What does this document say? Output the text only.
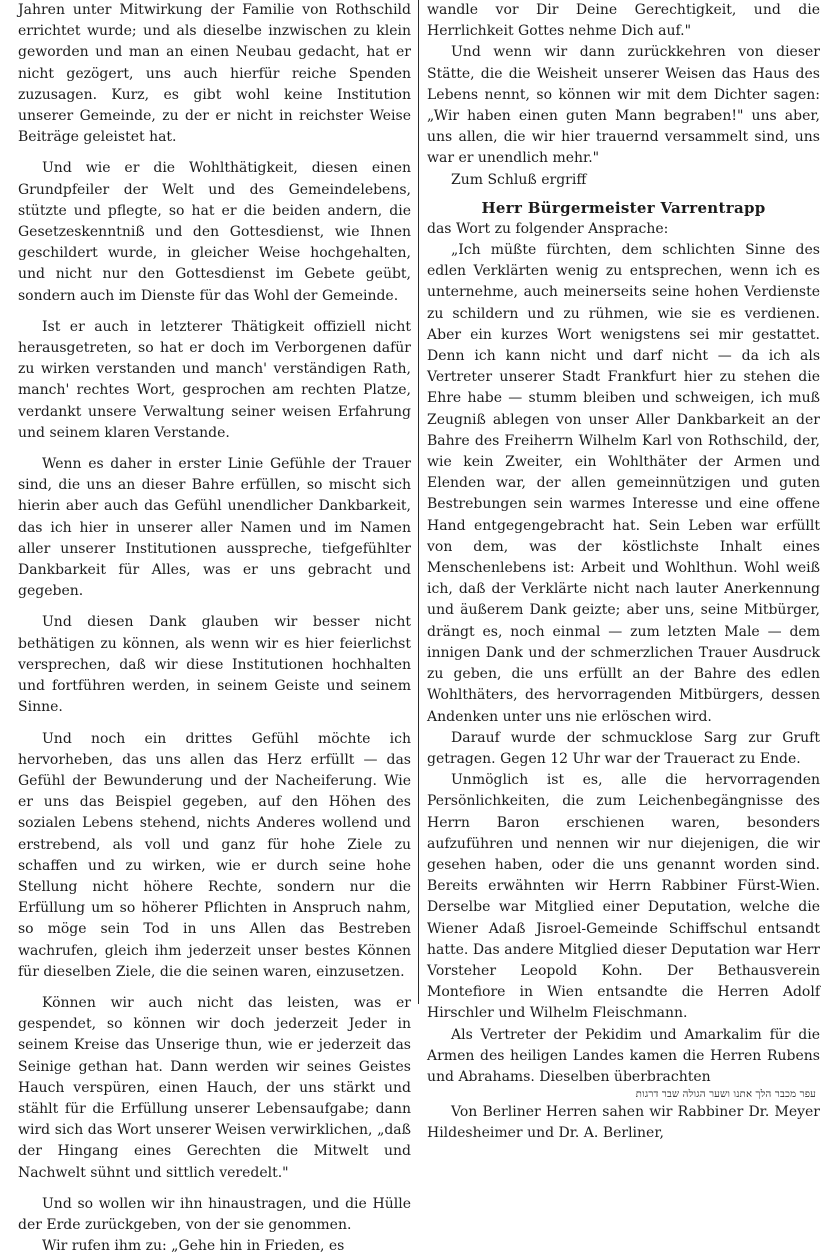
Jahren unter Mitwirkung der Familie von Rothschild errichtet wurde; und als dieselbe inzwischen zu klein geworden und man an einen Neubau gedacht, hat er nicht gezögert, uns auch hierfür reiche Spenden zuzusagen. Kurz, es gibt wohl keine Institution unserer Gemeinde, zu der er nicht in reichster Weise Beiträge geleistet hat.

Und wie er die Wohlthätigkeit, diesen einen Grundpfeiler der Welt und des Gemeindelebens, stützte und pflegte, so hat er die beiden andern, die Gesetzeskenntniß und den Gottesdienst, wie Ihnen geschildert wurde, in gleicher Weise hochgehalten, und nicht nur den Gottesdienst im Gebete geübt, sondern auch im Dienste für das Wohl der Gemeinde.

Ist er auch in letzterer Thätigkeit offiziell nicht herausgetreten, so hat er doch im Verborgenen dafür zu wirken verstanden und manch' verständigen Rath, manch' rechtes Wort, gesprochen am rechten Platze, verdankt unsere Verwaltung seiner weisen Erfahrung und seinem klaren Verstande.

Wenn es daher in erster Linie Gefühle der Trauer sind, die uns an dieser Bahre erfüllen, so mischt sich hierin aber auch das Gefühl unendlicher Dankbarkeit, das ich hier in unserer aller Namen und im Namen aller unserer Institutionen ausspreche, tiefgefühlter Dankbarkeit für Alles, was er uns gebracht und gegeben.

Und diesen Dank glauben wir besser nicht bethätigen zu können, als wenn wir es hier feierlichst versprechen, daß wir diese Institutionen hochhalten und fortführen werden, in seinem Geiste und seinem Sinne.

Und noch ein drittes Gefühl möchte ich hervorheben, das uns allen das Herz erfüllt — das Gefühl der Bewunderung und der Nacheiferung. Wie er uns das Beispiel gegeben, auf den Höhen des sozialen Lebens stehend, nichts Anderes wollend und erstrebend, als voll und ganz für hohe Ziele zu schaffen und zu wirken, wie er durch seine hohe Stellung nicht höhere Rechte, sondern nur die Erfüllung um so höherer Pflichten in Anspruch nahm, so möge sein Tod in uns Allen das Bestreben wachrufen, gleich ihm jederzeit unser bestes Können für dieselben Ziele, die die seinen waren, einzusetzen.

Können wir auch nicht das leisten, was er gespendet, so können wir doch jederzeit Jeder in seinem Kreise das Unserige thun, wie er jederzeit das Seinige gethan hat. Dann werden wir seines Geistes Hauch verspüren, einen Hauch, der uns stärkt und stählt für die Erfüllung unserer Lebensaufgabe; dann wird sich das Wort unserer Weisen verwirklichen, „daß der Hingang eines Gerechten die Mitwelt und Nachwelt sühnt und sittlich veredelt."

Und so wollen wir ihn hinaustragen, und die Hülle der Erde zurückgeben, von der sie genommen.

Wir rufen ihm zu: „Gehe hin in Frieden, es

wandle vor Dir Deine Gerechtigkeit, und die Herrlichkeit Gottes nehme Dich auf."

Und wenn wir dann zurückkehren von dieser Stätte, die die Weisheit unserer Weisen das Haus des Lebens nennt, so können wir mit dem Dichter sagen: „Wir haben einen guten Mann begraben!" uns aber, uns allen, die wir hier trauernd versammelt sind, uns war er unendlich mehr."

Zum Schluß ergriff

Herr Bürgermeister Varrentrapp

das Wort zu folgender Ansprache:

„Ich müßte fürchten, dem schlichten Sinne des edlen Verklärten wenig zu entsprechen, wenn ich es unternehme, auch meinerseits seine hohen Verdienste zu schildern und zu rühmen, wie sie es verdienen. Aber ein kurzes Wort wenigstens sei mir gestattet. Denn ich kann nicht und darf nicht — da ich als Vertreter unserer Stadt Frankfurt hier zu stehen die Ehre habe — stumm bleiben und schweigen, ich muß Zeugniß ablegen von unser Aller Dankbarkeit an der Bahre des Freiherrn Wilhelm Karl von Rothschild, der, wie kein Zweiter, ein Wohlthäter der Armen und Elenden war, der allen gemeinnützigen und guten Bestrebungen sein warmes Interesse und eine offene Hand entgegengebracht hat. Sein Leben war erfüllt von dem, was der köstlichste Inhalt eines Menschenlebens ist: Arbeit und Wohlthun. Wohl weiß ich, daß der Verklärte nicht nach lauter Anerkennung und äußerem Dank geizte; aber uns, seine Mitbürger, drängt es, noch einmal — zum letzten Male — dem innigen Dank und der schmerzlichen Trauer Ausdruck zu geben, die uns erfüllt an der Bahre des edlen Wohlthäters, des hervorragenden Mitbürgers, dessen Andenken unter uns nie erlöschen wird.

Darauf wurde der schmucklose Sarg zur Gruft getragen. Gegen 12 Uhr war der Traueract zu Ende.

Unmöglich ist es, alle die hervorragenden Persönlichkeiten, die zum Leichenbegängnisse des Herrn Baron erschienen waren, besonders aufzuführen und nennen wir nur diejenigen, die wir gesehen haben, oder die uns genannt worden sind. Bereits erwähnten wir Herrn Rabbiner Fürst-Wien. Derselbe war Mitglied einer Deputation, welche die Wiener Adaß Jisroel-Gemeinde Schiffschul entsandt hatte. Das andere Mitglied dieser Deputation war Herr Vorsteher Leopold Kohn. Der Bethausverein Montefiore in Wien entsandte die Herren Adolf Hirschler und Wilhelm Fleischmann.

Als Vertreter der Pekidim und Amarkalim für die Armen des heiligen Landes kamen die Herren Rubens und Abrahams. Dieselben überbrachten

עפר מכבר הלך אתנו ושער הגולה שבר דרגות

Von Berliner Herren sahen wir Rabbiner Dr. Meyer Hildesheimer und Dr. A. Berliner,
